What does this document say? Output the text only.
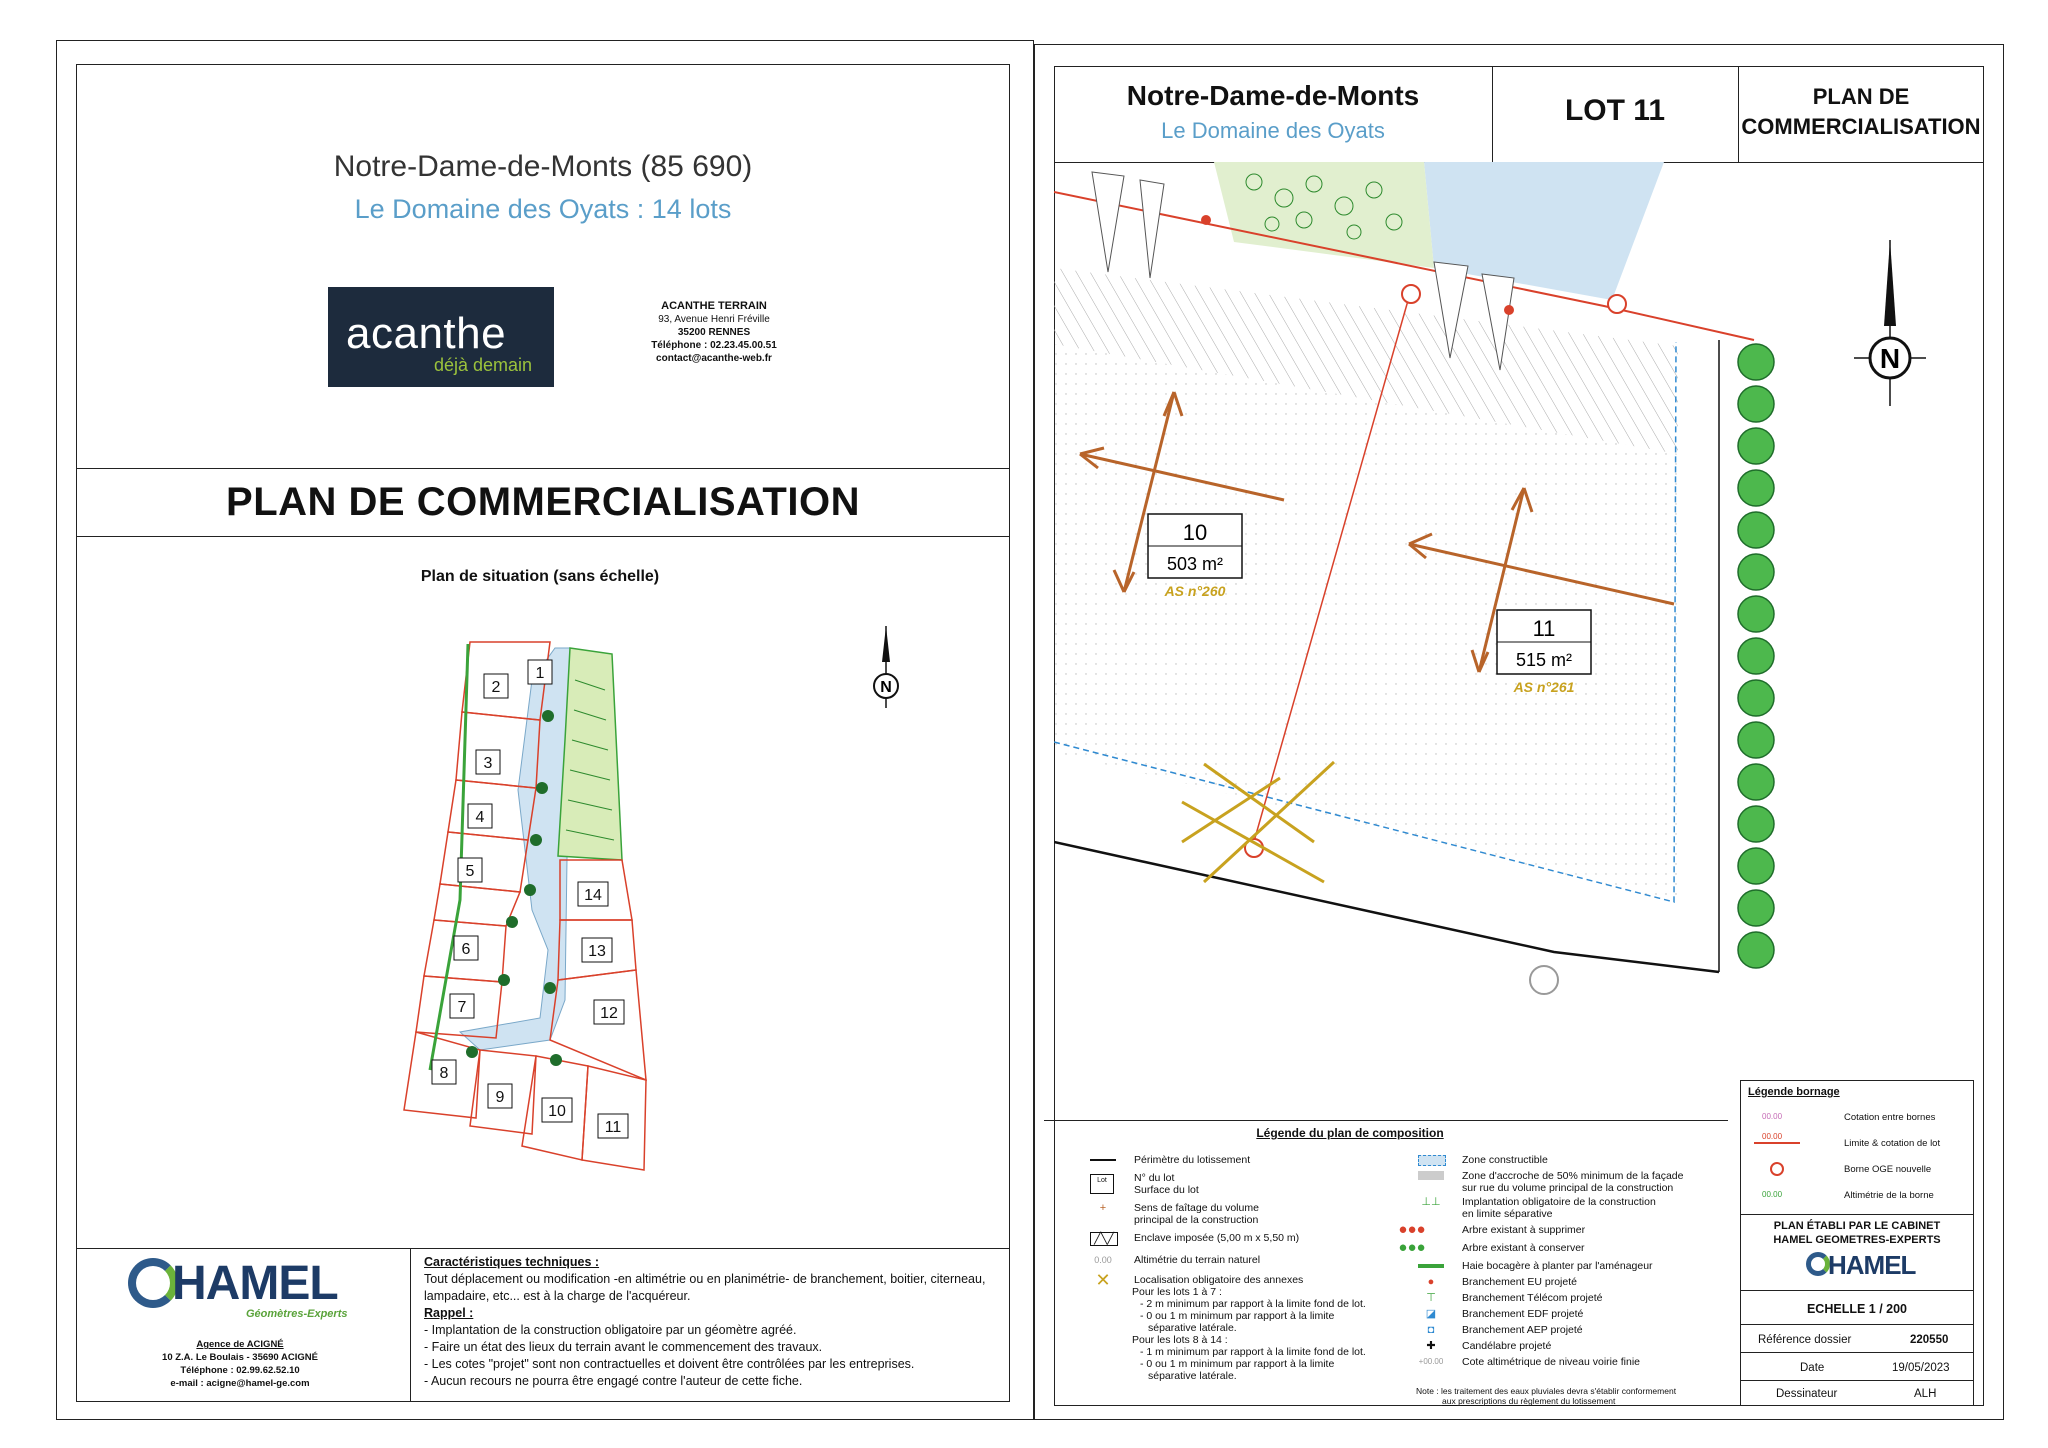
Notre-Dame-de-Monts (85 690)
Le Domaine des Oyats : 14 lots
acanthe
déjà demain
ACANTHE TERRAIN
93, Avenue Henri Fréville
35200 RENNES
Téléphone : 02.23.45.00.51
contact@acanthe-web.fr
PLAN DE COMMERCIALISATION
Plan de situation (sans échelle)
1
2
3
4
5
6
7
8
9
10
11
12
13
14
N
HAMEL
Géomètres-Experts
Agence de ACIGNÉ
10 Z.A. Le Boulais - 35690 ACIGNÉ
Téléphone : 02.99.62.52.10
e-mail : acigne@hamel-ge.com
Caractéristiques techniques :
Tout déplacement ou modification -en altimétrie ou en planimétrie- de branchement, boitier, citerneau,
lampadaire, etc... est à la charge de l'acquéreur.
Rappel :
- Implantation de la construction obligatoire par un géomètre agréé.
- Faire un état des lieux du terrain avant le commencement des travaux.
- Les cotes "projet" sont non contractuelles et doivent être contrôlées par les entreprises.
- Aucun recours ne pourra être engagé contre l'auteur de cette fiche.
Notre-Dame-de-Monts
Le Domaine des Oyats
LOT 11	PLAN DE
COMMERCIALISATION
10
503 m²
AS n°260
11
515 m²
AS n°261
N
Légende du plan de composition
Périmètre du lotissement
Lot	N° du lot
Surface du lot
+	Sens de faîtage du volume
principal de la construction
╱╲╱	Enclave imposée (5,00 m x 5,50 m)
0.00	Altimétrie du terrain naturel
✕	Localisation obligatoire des annexes
Pour les lots 1 à 7 :
- 2 m minimum par rapport à la limite fond de lot.
- 0 ou 1 m minimum par rapport à la limite
séparative latérale.
Pour les lots 8 à 14 :
- 1 m minimum par rapport à la limite fond de lot.
- 0 ou 1 m minimum par rapport à la limite
séparative latérale.
Zone constructible
Zone d'accroche de 50% minimum de la façade
sur rue du volume principal de la construction
⊥⊥	Implantation obligatoire de la construction
en limite séparative
●●●	Arbre existant à supprimer
●●●	Arbre existant à conserver
Haie bocagère à planter par l'aménageur
●	Branchement EU projeté
⊤	Branchement Télécom projeté
◪	Branchement EDF projeté
◘	Branchement AEP projeté
✚	Candélabre projeté
+00.00 Cote altimétrique de niveau voirie finie
Note : les traitement des eaux pluviales devra s'établir conformement
aux prescriptions du règlement du lotissement
Légende bornage
00.00	Cotation entre bornes
00.00
Limite & cotation de lot
Borne OGE nouvelle
00.00	Altimétrie de la borne
PLAN ÉTABLI PAR LE CABINET
HAMEL GEOMETRES-EXPERTS
HAMEL
ECHELLE 1 / 200
Référence dossier	220550
Date	19/05/2023
Dessinateur	ALH
